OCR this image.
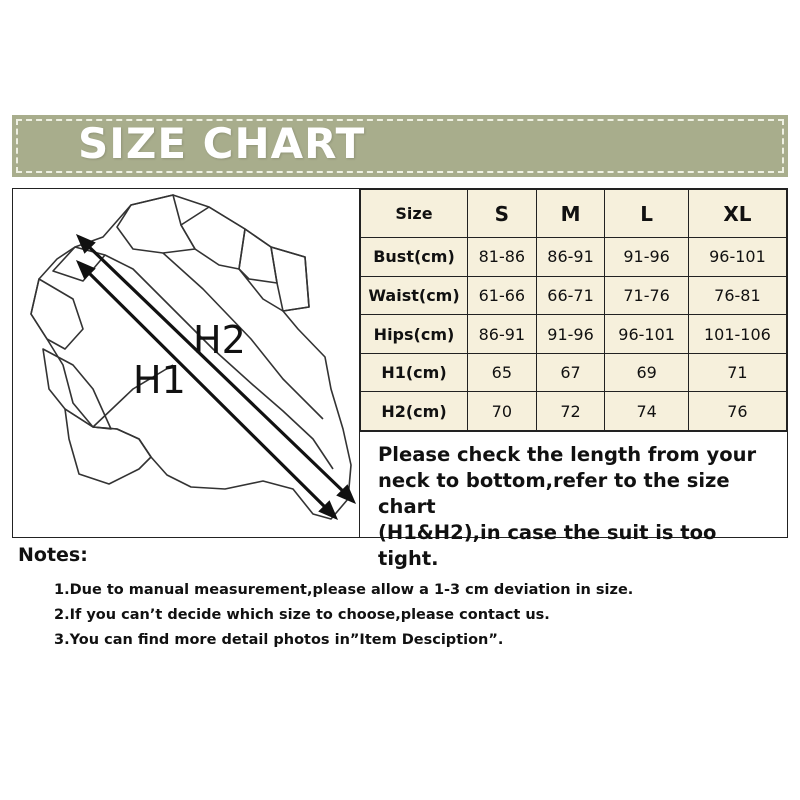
SIZE CHART
H2
H1
Size	S	M	L	XL
Bust(cm)	81-86	86-91	91-96	96-101
Waist(cm)	61-66	66-71	71-76	76-81
Hips(cm)	86-91	91-96	96-101	101-106
H1(cm)	65	67	69	71
H2(cm)	70	72	74	76
Please check the length from your
neck to bottom,refer to the size chart
(H1&H2),in case the suit is too tight.
Notes:
1.Due to manual measurement,please allow a 1-3 cm deviation in size.
2.If you can’t decide which size to choose,please contact us.
3.You can find more detail photos in”Item Desciption”.
